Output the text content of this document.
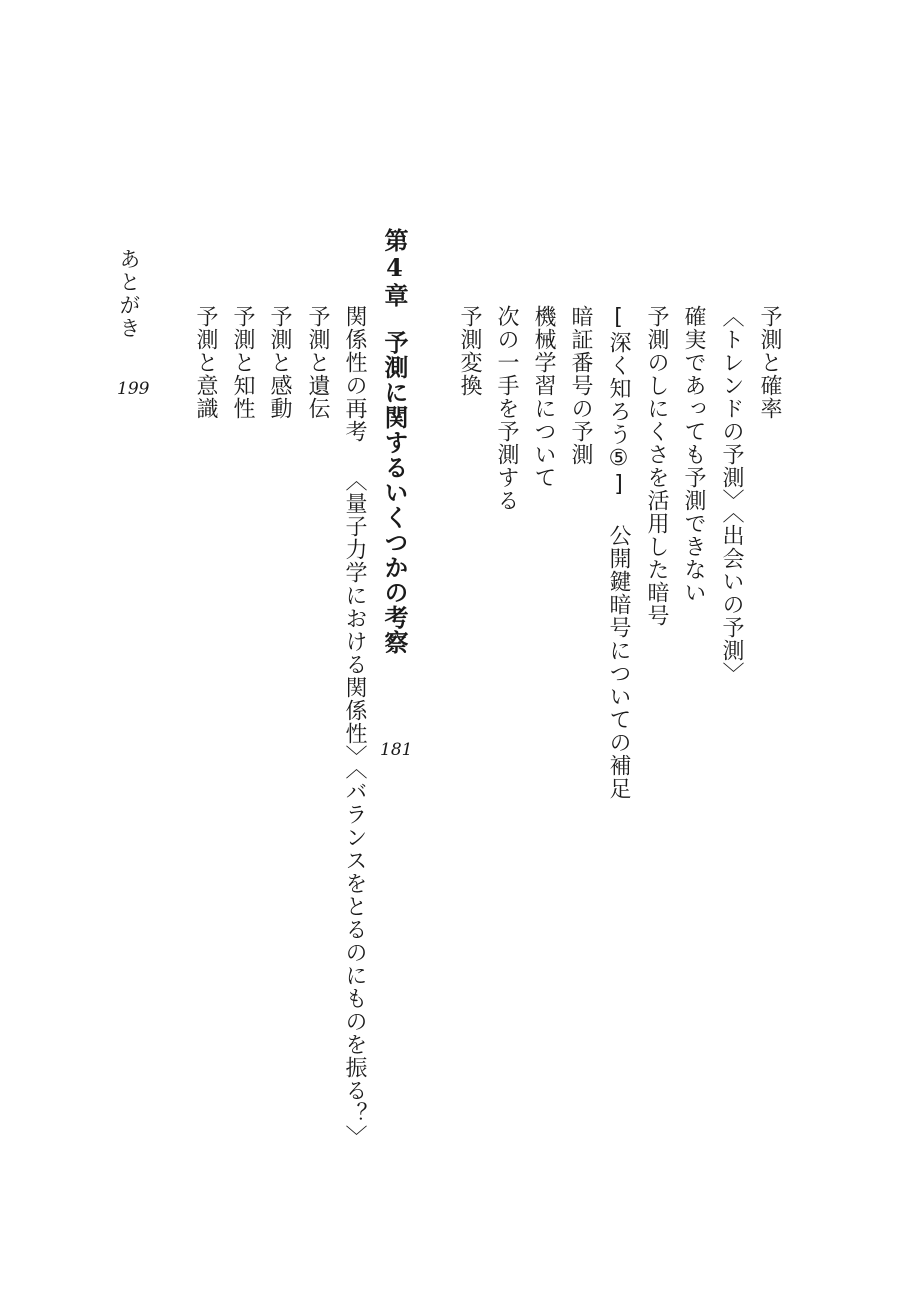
予測と確率
〈トレンドの予測〉〈出会いの予測〉
確実であっても予測できない
予測のしにくさを活用した暗号
[深く知ろう⑤] 公開鍵暗号についての補足
暗証番号の予測
機械学習について
次の一手を予測する
予測変換
第4章予測に関するいくつかの考察
181
関係性の再考 〈量子力学における関係性〉〈バランスをとるのにものを振る？〉
予測と遺伝
予測と感動
予測と知性
予測と意識
あとがき
199
